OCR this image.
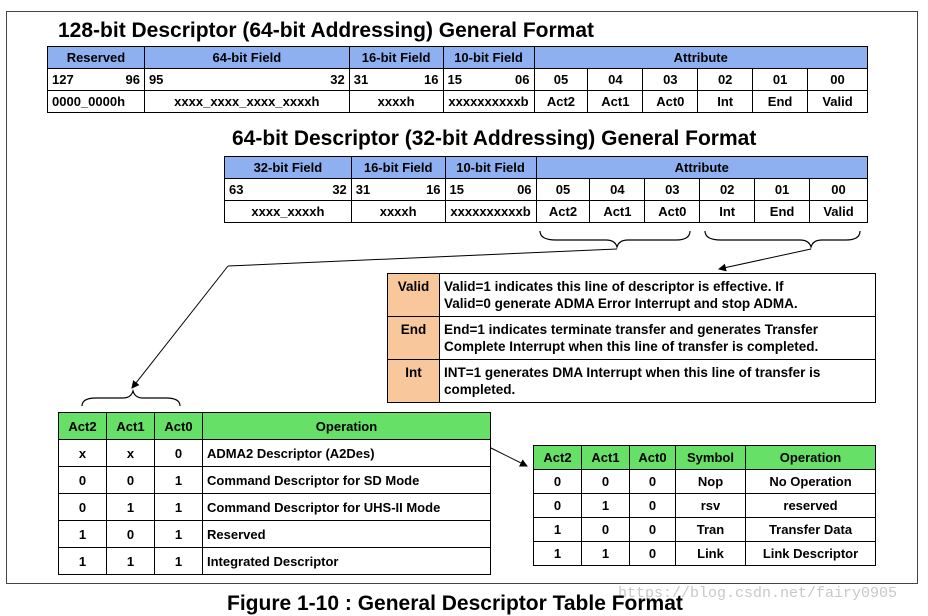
128-bit Descriptor (64-bit Addressing) General Format
Reserved	64-bit Field	16-bit Field	10-bit Field	Attribute					

127 96	95 32	31 16	15 06	05	04	03	02	01	00
0000_0000h	xxxx_xxxx_xxxx_xxxxh	xxxxh	xxxxxxxxxxb	Act2	Act1	Act0	Int	End	Valid
64-bit Descriptor (32-bit Addressing) General Format
32-bit Field	16-bit Field	10-bit Field	Attribute					

63 32	31 16	15 06	05	04	03	02	01	00
xxxx_xxxxh	xxxxh	xxxxxxxxxxb	Act2	Act1	Act0	Int	End	Valid
Valid	Valid=1 indicates this line of descriptor is effective. If
Valid=0 generate ADMA Error Interrupt and stop ADMA.

End	End=1 indicates terminate transfer and generates Transfer
Complete Interrupt when this line of transfer is completed.

Int	INT=1 generates DMA Interrupt when this line of transfer is
completed.
Act2	Act1	Act0	Operation
x	x	0	ADMA2 Descriptor (A2Des)
0	0	1	Command Descriptor for SD Mode
0	1	1	Command Descriptor for UHS-II Mode
1	0	1	Reserved
1	1	1	Integrated Descriptor
Act2	Act1	Act0	Symbol	Operation
0	0	0	Nop	No Operation
0	1	0	rsv	reserved
1	0	0	Tran	Transfer Data
1	1	0	Link	Link Descriptor
https://blog.csdn.net/fairy0905
Figure 1-10 : General Descriptor Table Format
